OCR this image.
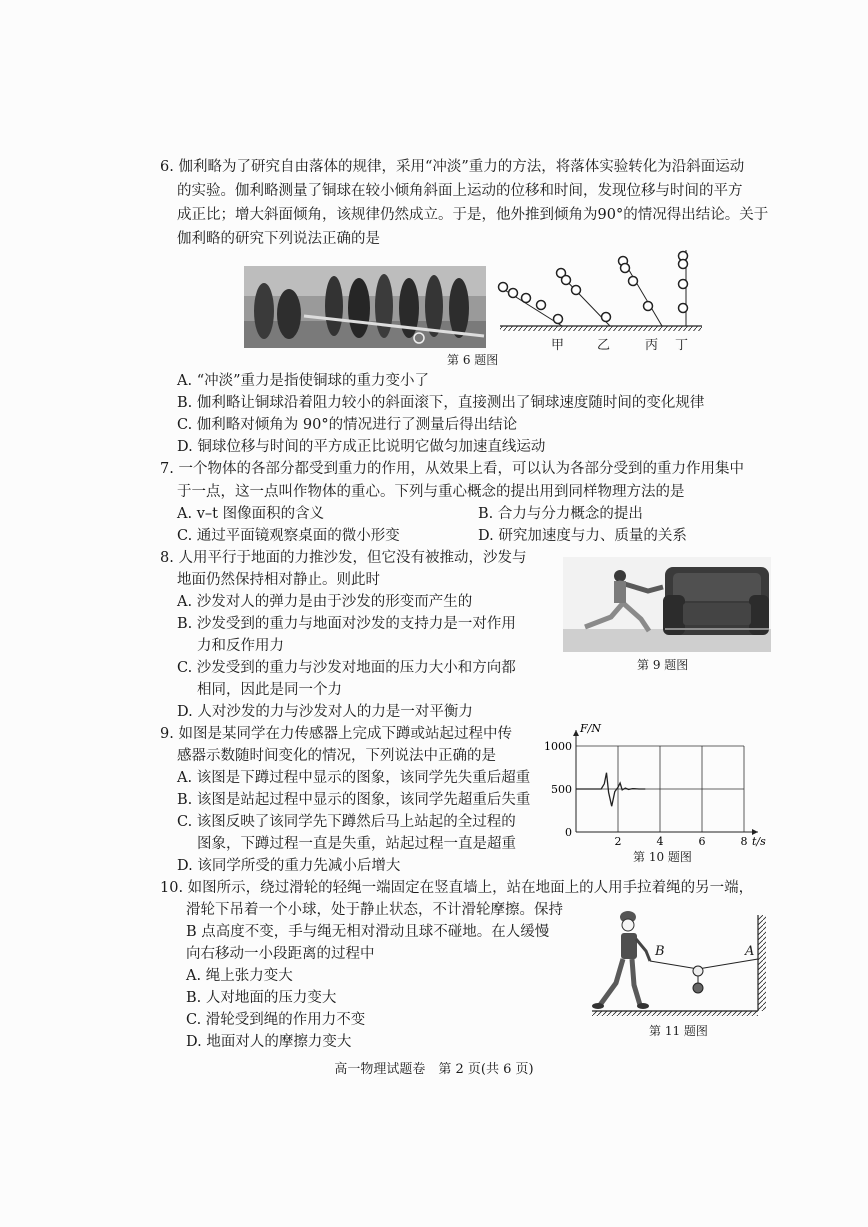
6. 伽利略为了研究自由落体的规律，采用“冲淡”重力的方法，将落体实验转化为沿斜面运动
的实验。伽利略测量了铜球在较小倾角斜面上运动的位移和时间，发现位移与时间的平方
成正比；增大斜面倾角，该规律仍然成立。于是，他外推到倾角为90°的情况得出结论。关于
伽利略的研究下列说法正确的是
甲	乙	丙 丁
第 6 题图
A. “冲淡”重力是指使铜球的重力变小了
B. 伽利略让铜球沿着阻力较小的斜面滚下，直接测出了铜球速度随时间的变化规律
C. 伽利略对倾角为 90°的情况进行了测量后得出结论
D. 铜球位移与时间的平方成正比说明它做匀加速直线运动
7. 一个物体的各部分都受到重力的作用，从效果上看，可以认为各部分受到的重力作用集中
于一点，这一点叫作物体的重心。下列与重心概念的提出用到同样物理方法的是
A. v–t 图像面积的含义	B. 合力与分力概念的提出
C. 通过平面镜观察桌面的微小形变	D. 研究加速度与力、质量的关系
8. 人用平行于地面的力推沙发，但它没有被推动，沙发与
地面仍然保持相对静止。则此时
A. 沙发对人的弹力是由于沙发的形变而产生的
B. 沙发受到的重力与地面对沙发的支持力是一对作用
力和反作用力
C. 沙发受到的重力与沙发对地面的压力大小和方向都
相同，因此是同一个力
D. 人对沙发的力与沙发对人的力是一对平衡力
第 9 题图
9. 如图是某同学在力传感器上完成下蹲或站起过程中传
感器示数随时间变化的情况，下列说法中正确的是
A. 该图是下蹲过程中显示的图象，该同学先失重后超重
B. 该图是站起过程中显示的图象，该同学先超重后失重
C. 该图反映了该同学先下蹲然后马上站起的全过程的
图象，下蹲过程一直是失重，站起过程一直是超重
D. 该同学所受的重力先减小后增大
0
500
1000
2	4	6	8
F/N
t/s
第 10 题图
10. 如图所示，绕过滑轮的轻绳一端固定在竖直墙上，站在地面上的人用手拉着绳的另一端，
滑轮下吊着一个小球，处于静止状态，不计滑轮摩擦。保持
B 点高度不变，手与绳无相对滑动且球不碰地。在人缓慢
向右移动一小段距离的过程中
A. 绳上张力变大
B. 人对地面的压力变大
C. 滑轮受到绳的作用力不变
D. 地面对人的摩擦力变大
B	A
第 11 题图
高一物理试题卷　第 2 页(共 6 页)
